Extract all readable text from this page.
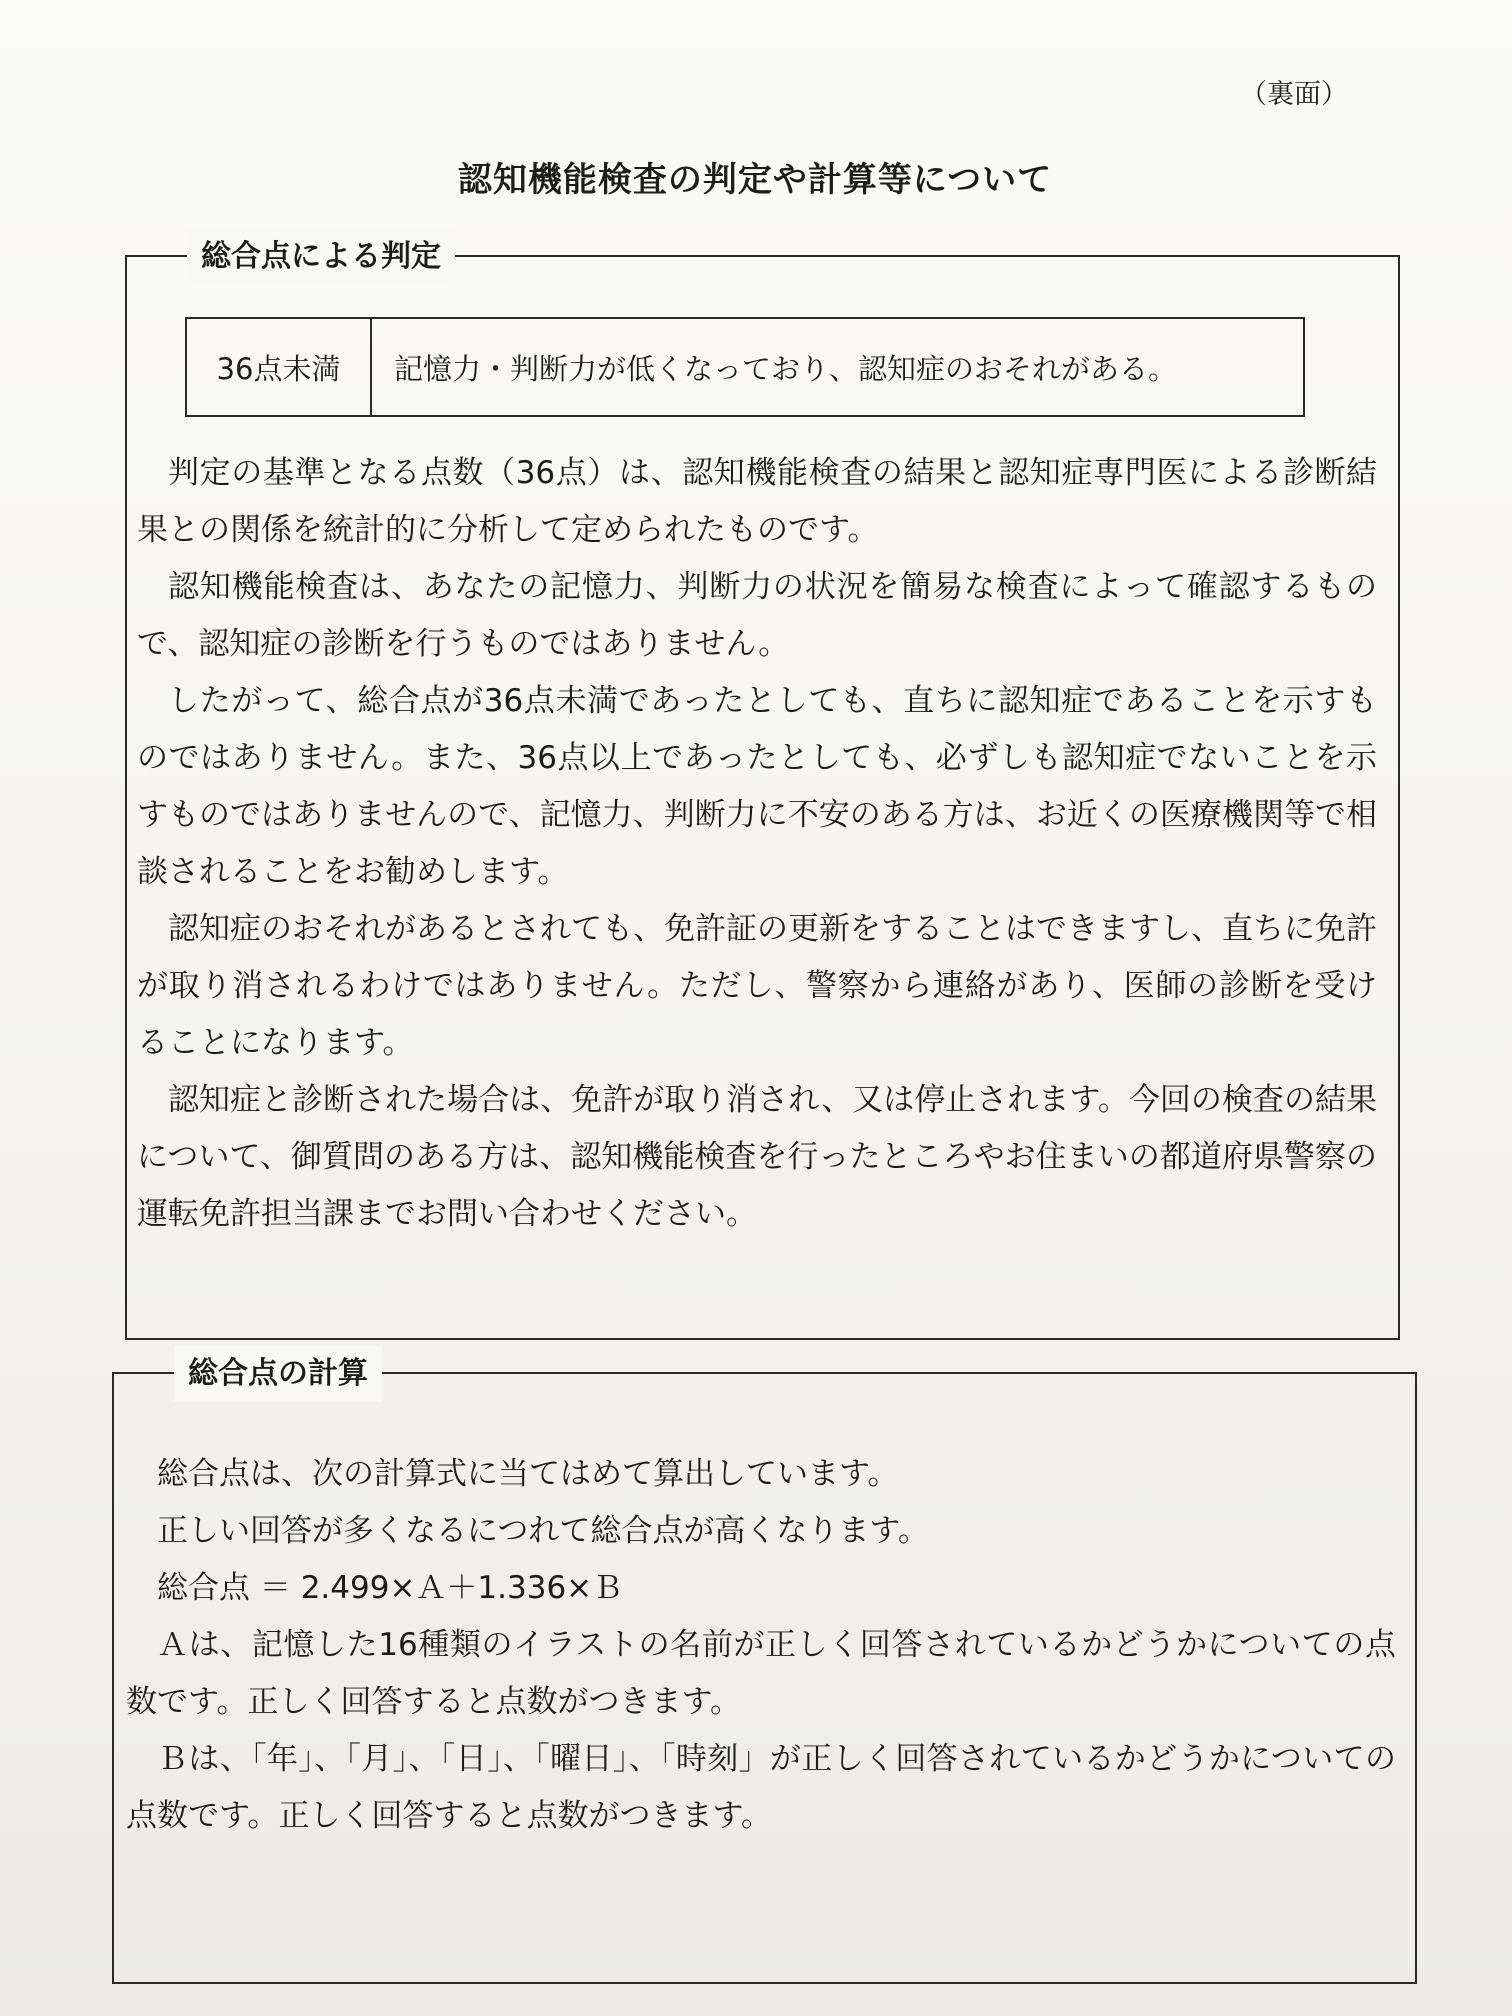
（裏面）
認知機能検査の判定や計算等について
総合点による判定
36点未満	記憶力・判断力が低くなっており、認知症のおそれがある。

判定の基準となる点数（36点）は、認知機能検査の結果と認知症専門医による診断結果との関係を統計的に分析して定められたものです。

認知機能検査は、あなたの記憶力、判断力の状況を簡易な検査によって確認するもので、認知症の診断を行うものではありません。

したがって、総合点が36点未満であったとしても、直ちに認知症であることを示すものではありません。また、36点以上であったとしても、必ずしも認知症でないことを示すものではありませんので、記憶力、判断力に不安のある方は、お近くの医療機関等で相談されることをお勧めします。

認知症のおそれがあるとされても、免許証の更新をすることはできますし、直ちに免許が取り消されるわけではありません。ただし、警察から連絡があり、医師の診断を受けることになります。

認知症と診断された場合は、免許が取り消され、又は停止されます。今回の検査の結果について、御質問のある方は、認知機能検査を行ったところやお住まいの都道府県警察の運転免許担当課までお問い合わせください。

総合点の計算

総合点は、次の計算式に当てはめて算出しています。

正しい回答が多くなるにつれて総合点が高くなります。

総合点 ＝ 2.499×Ａ＋1.336×Ｂ

Ａは、記憶した16種類のイラストの名前が正しく回答されているかどうかについての点数です。正しく回答すると点数がつきます。

Ｂは、「年」、「月」、「日」、「曜日」、「時刻」が正しく回答されているかどうかについての点数です。正しく回答すると点数がつきます。
